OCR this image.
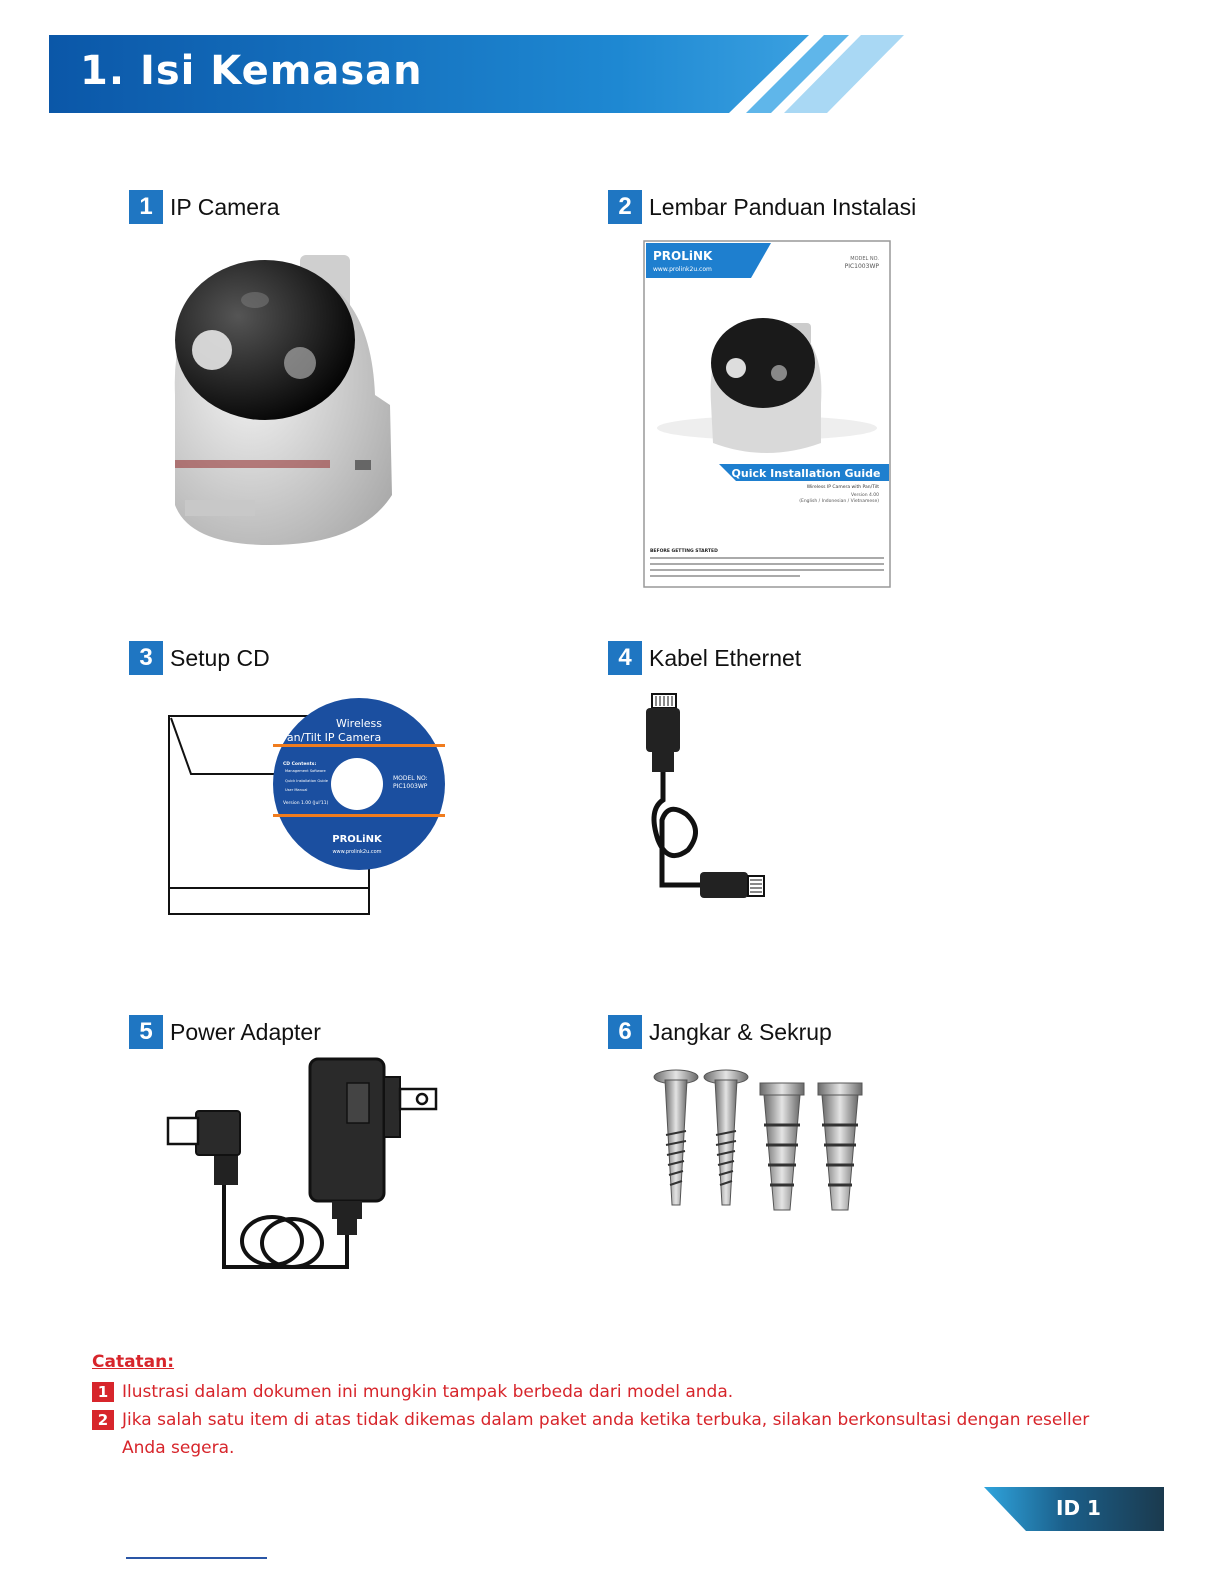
1. Isi Kemasan
1 IP Camera	2 Lembar Panduan Instalasi
PROLiNK
www.prolink2u.com
MODEL NO.
PIC1003WP
Quick Installation Guide
Wireless IP Camera with Pan/Tilt
Version 4.00
(English / Indonesian / Vietnamese)
BEFORE GETTING STARTED
3 Setup CD
Wireless
Pan/Tilt IP Camera
CD Contents:
Management Software
Quick Installation Guide
User Manual
MODEL NO:
PIC1003WP
Version 1.00 (Jul'11)
PROLiNK
www.prolink2u.com
4 Kabel Ethernet
5 Power Adapter	6 Jangkar & Sekrup
Catatan:
1 Ilustrasi dalam dokumen ini mungkin tampak berbeda dari model anda.
2 Jika salah satu item di atas tidak dikemas dalam paket anda ketika terbuka, silakan berkonsultasi dengan reseller Anda segera.
ID 1
